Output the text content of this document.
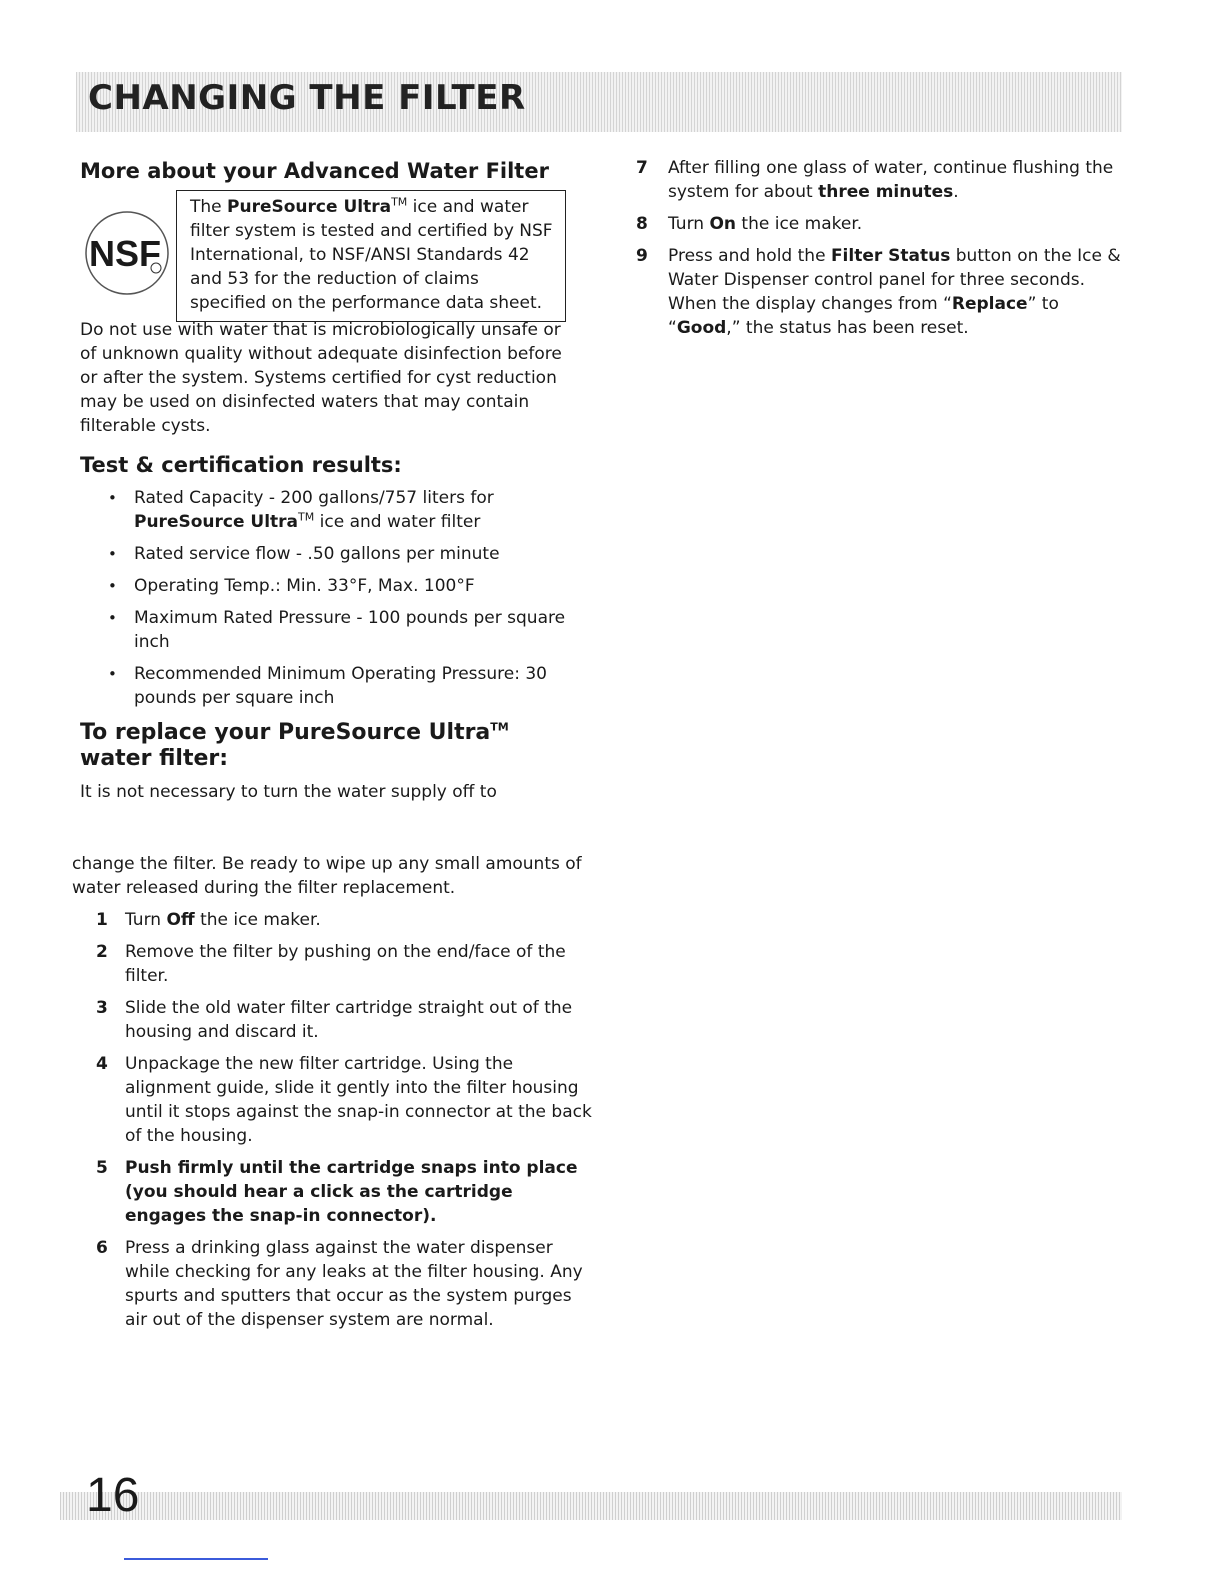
CHANGING THE FILTER
More about your Advanced Water Filter
NSF
The PureSource Ultra™ ice and water filter system is tested and certified by NSF International, to NSF/ANSI Standards 42 and 53 for the reduction of claims specified on the performance data sheet.

Do not use with water that is microbiologically unsafe or of unknown quality without adequate disinfection before or after the system. Systems certified for cyst reduction may be used on disinfected waters that may contain filterable cysts.

Test & certification results:
• Rated Capacity - 200 gallons/757 liters for PureSource Ultra™ ice and water filter
• Rated service flow - .50 gallons per minute
• Operating Temp.: Min. 33°F, Max. 100°F
• Maximum Rated Pressure - 100 pounds per square inch
• Recommended Minimum Operating Pressure: 30 pounds per square inch
To replace your PureSource Ultra™ water filter:

It is not necessary to turn the water supply off to

change the filter. Be ready to wipe up any small amounts of water released during the filter replacement.

1 Turn Off the ice maker.
2 Remove the filter by pushing on the end/face of the filter.
3 Slide the old water filter cartridge straight out of the housing and discard it.
4 Unpackage the new filter cartridge. Using the alignment guide, slide it gently into the filter housing until it stops against the snap-in connector at the back of the housing.
5 Push firmly until the cartridge snaps into place (you should hear a click as the cartridge engages the snap-in connector).
6 Press a drinking glass against the water dispenser while checking for any leaks at the filter housing. Any spurts and sputters that occur as the system purges air out of the dispenser system are normal.
7 After filling one glass of water, continue flushing the system for about three minutes.
8 Turn On the ice maker.
9 Press and hold the Filter Status button on the Ice & Water Dispenser control panel for three seconds. When the display changes from “Replace” to “Good,” the status has been reset.
16
